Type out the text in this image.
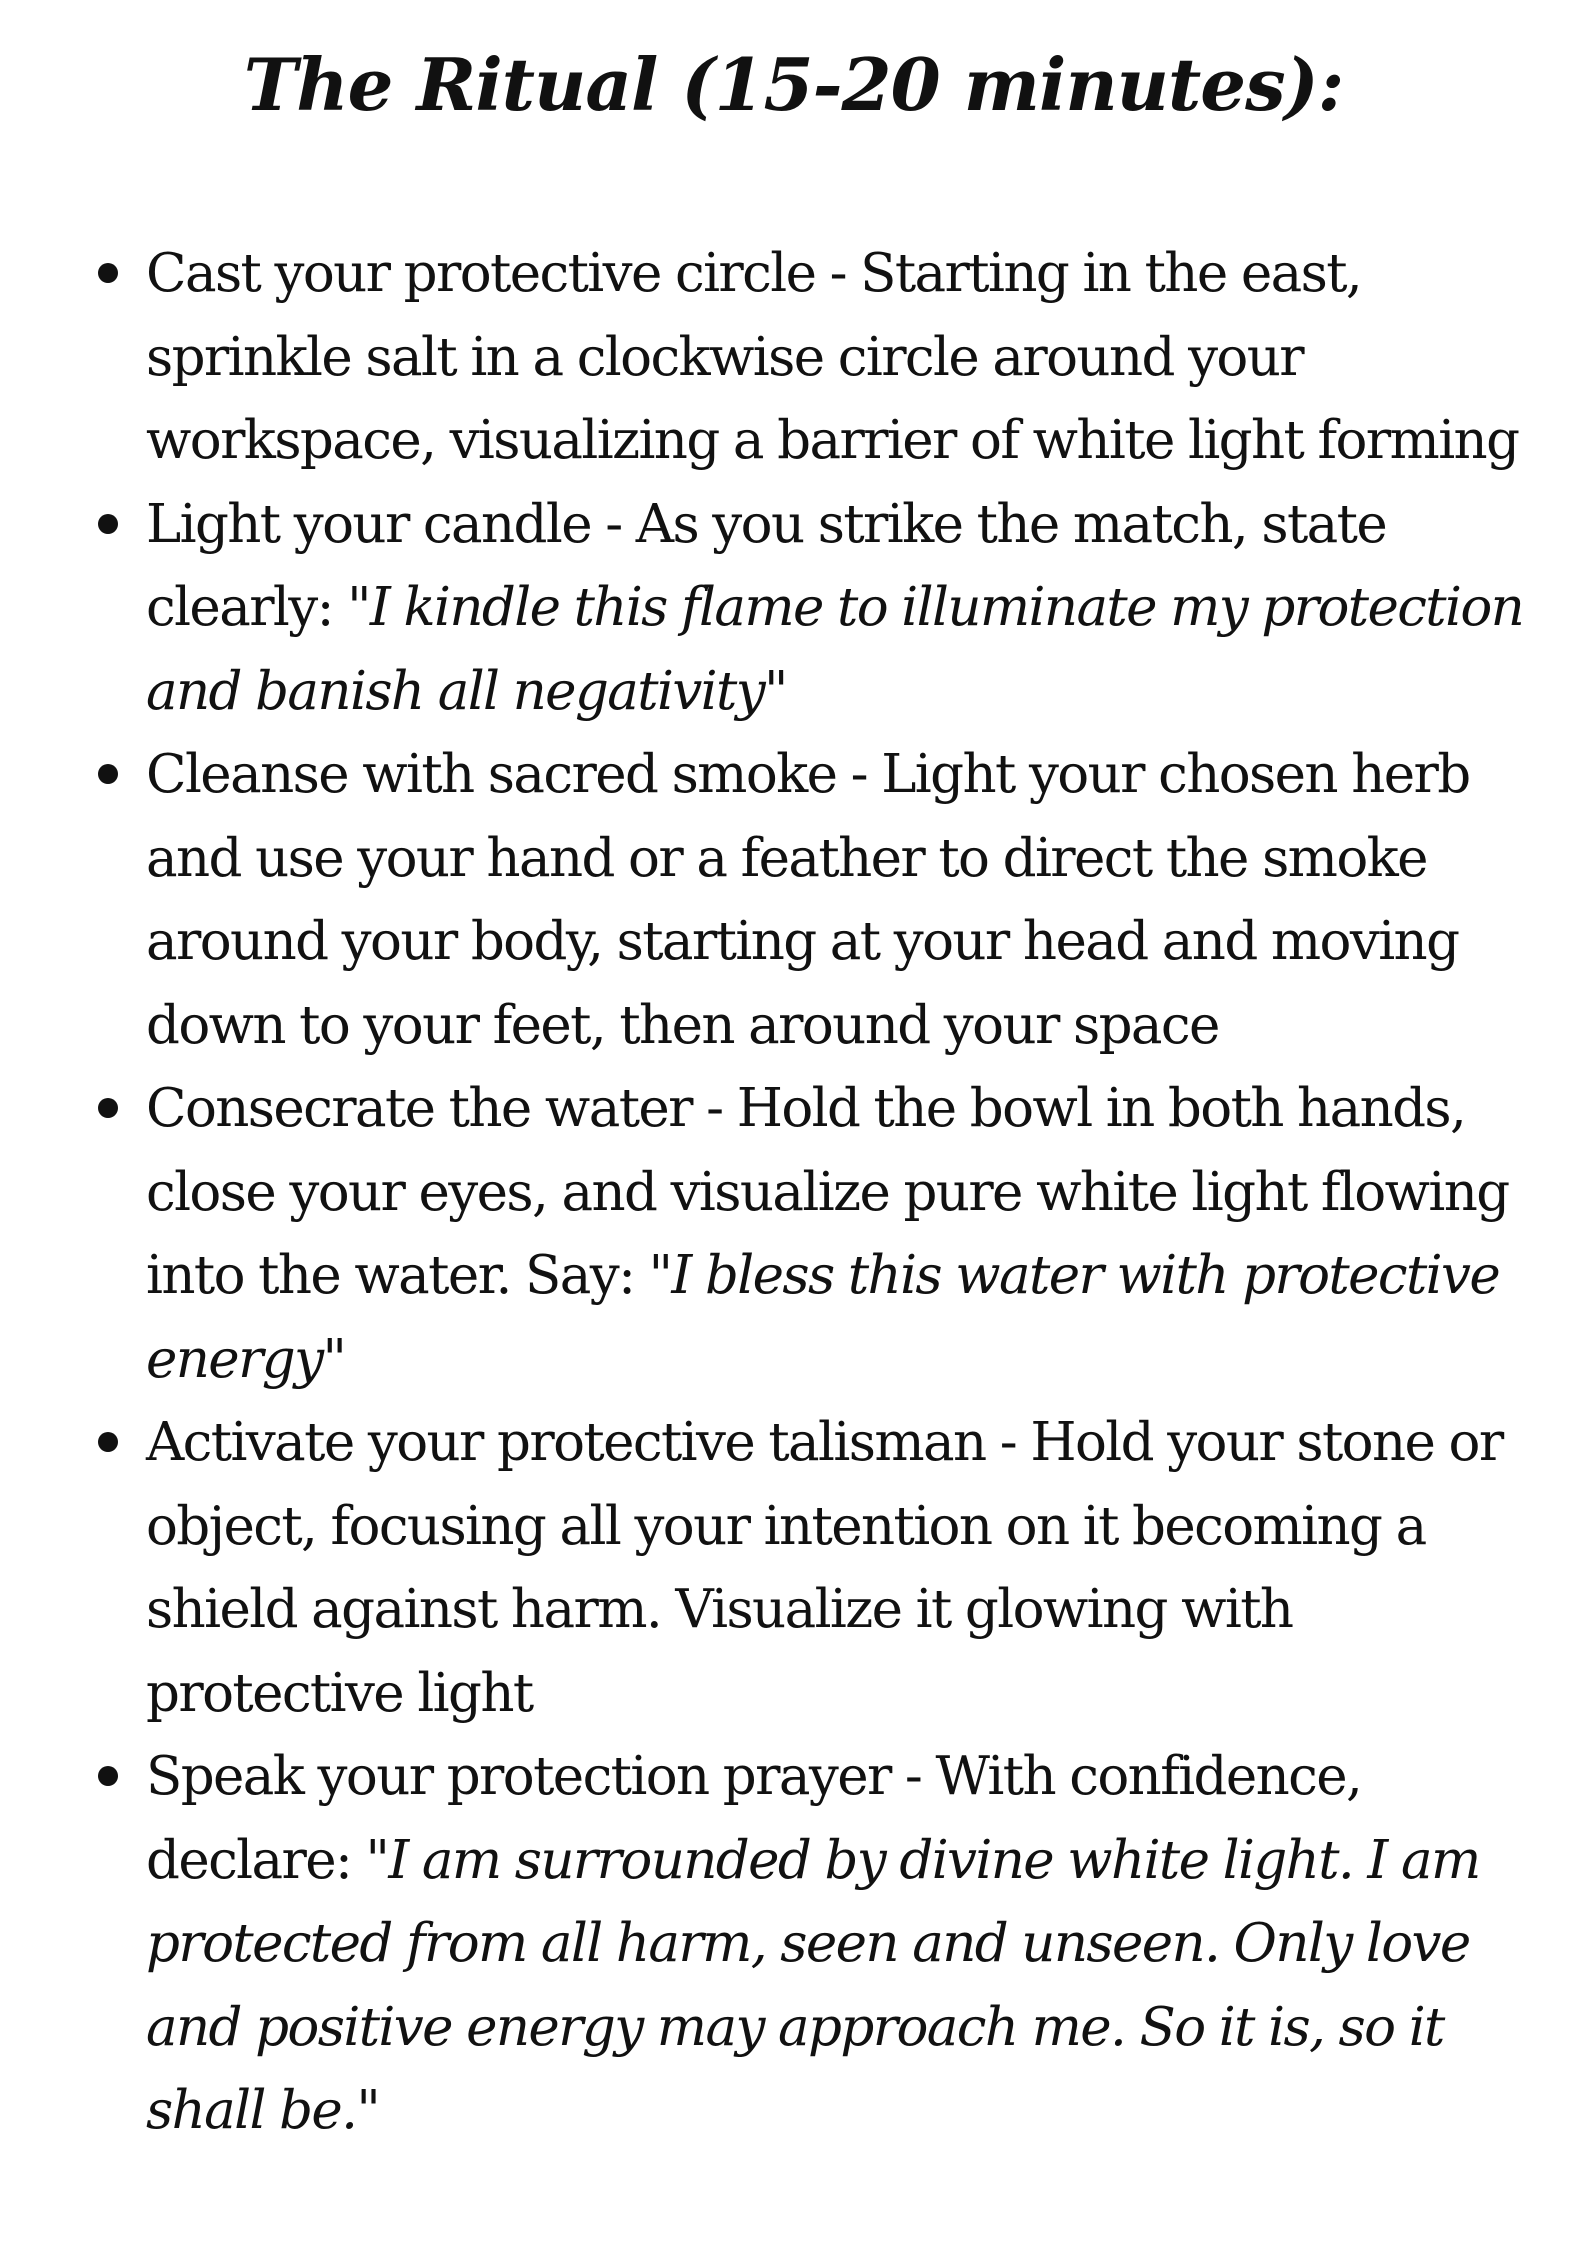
The Ritual (15-20 minutes):
Cast your protective circle - Starting in the east, sprinkle salt in a clockwise circle around your workspace, visualizing a barrier of white light forming
Light your candle - As you strike the match, state clearly: "I kindle this flame to illuminate my protection and banish all negativity"
Cleanse with sacred smoke - Light your chosen herb and use your hand or a feather to direct the smoke around your body, starting at your head and moving down to your feet, then around your space
Consecrate the water - Hold the bowl in both hands, close your eyes, and visualize pure white light flowing into the water. Say: "I bless this water with protective energy"
Activate your protective talisman - Hold your stone or object, focusing all your intention on it becoming a shield against harm. Visualize it glowing with protective light
Speak your protection prayer - With confidence, declare: "I am surrounded by divine white light. I am protected from all harm, seen and unseen. Only love and positive energy may approach me. So it is, so it shall be."
